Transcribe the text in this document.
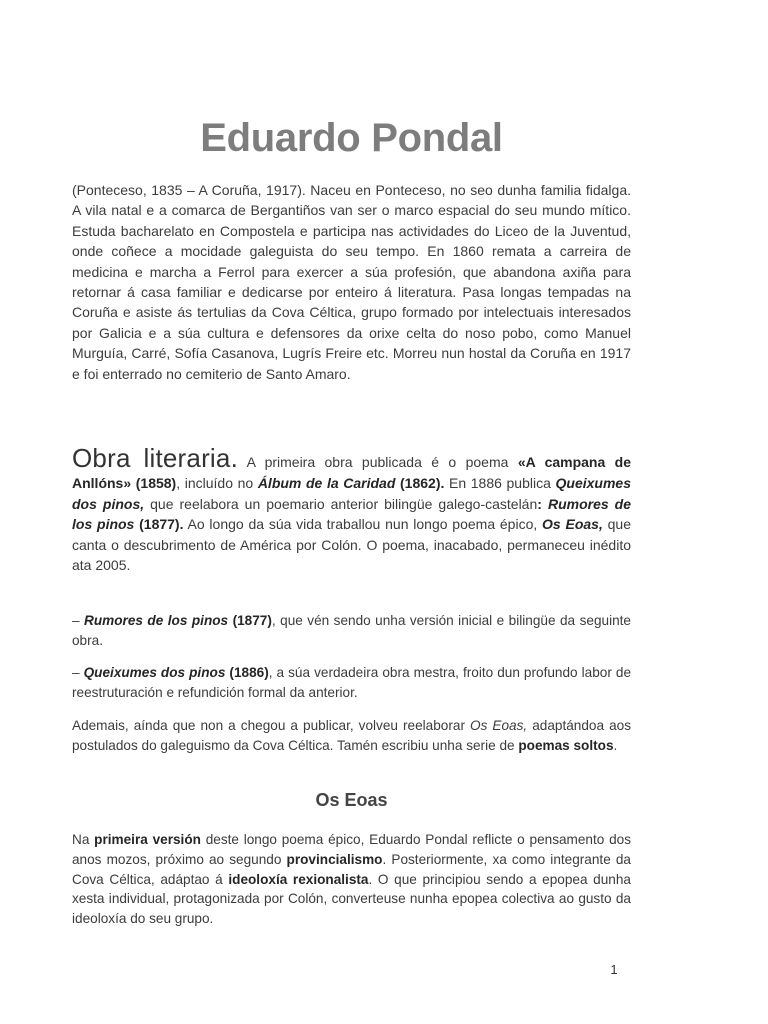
Eduardo Pondal

(Ponteceso, 1835 – A Coruña, 1917). Naceu en Ponteceso, no seo dunha familia fidalga. A vila natal e a comarca de Bergantiños van ser o marco espacial do seu mundo mítico. Estuda bacharelato en Compostela e participa nas actividades do Liceo de la Juventud, onde coñece a mocidade galeguista do seu tempo. En 1860 remata a carreira de medicina e marcha a Ferrol para exercer a súa profesión, que abandona axiña para retornar á casa familiar e dedicarse por enteiro á literatura. Pasa longas tempadas na Coruña e asiste ás tertulias da Cova Céltica, grupo formado por intelectuais interesados por Galicia e a súa cultura e defensores da orixe celta do noso pobo, como Manuel Murguía, Carré, Sofía Casanova, Lugrís Freire etc. Morreu nun hostal da Coruña en 1917 e foi enterrado no cemiterio de Santo Amaro.

Obra literaria. A primeira obra publicada é o poema «A campana de Anllóns» (1858), incluído no Álbum de la Caridad (1862). En 1886 publica Queixumes dos pinos, que reelabora un poemario anterior bilingüe galego-castelán: Rumores de los pinos (1877). Ao longo da súa vida traballou nun longo poema épico, Os Eoas, que canta o descubrimento de América por Colón. O poema, inacabado, permaneceu inédito ata 2005.

– Rumores de los pinos (1877), que vén sendo unha versión inicial e bilingüe da seguinte obra.

– Queixumes dos pinos (1886), a súa verdadeira obra mestra, froito dun profundo labor de reestruturación e refundición formal da anterior.

Ademais, aínda que non a chegou a publicar, volveu reelaborar Os Eoas, adaptándoa aos postulados do galeguismo da Cova Céltica. Tamén escribiu unha serie de poemas soltos.

Os Eoas

Na primeira versión deste longo poema épico, Eduardo Pondal reflicte o pensamento dos anos mozos, próximo ao segundo provincialismo. Posteriormente, xa como integrante da Cova Céltica, adáptao á ideoloxía rexionalista. O que principiou sendo a epopea dunha xesta individual, protagonizada por Colón, converteuse nunha epopea colectiva ao gusto da ideoloxía do seu grupo.

1
